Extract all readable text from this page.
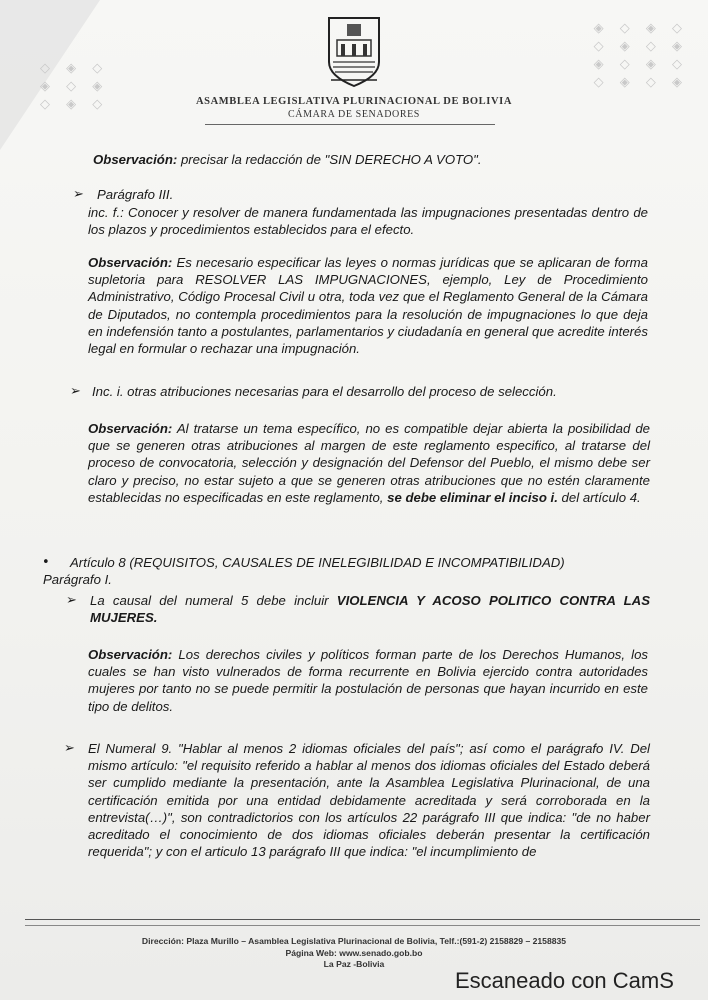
◇ ◈ ◇
◈ ◇ ◈
◇ ◈ ◇
◈ ◇ ◈ ◇
◇ ◈ ◇ ◈
◈ ◇ ◈ ◇
◇ ◈ ◇ ◈
ASAMBLEA LEGISLATIVA PLURINACIONAL DE BOLIVIA
CÁMARA DE SENADORES

Observación: precisar la redacción de "SIN DERECHO A VOTO".

➢ Parágrafo III.

inc. f.: Conocer y resolver de manera fundamentada las impugnaciones presentadas dentro de los plazos y procedimientos establecidos para el efecto.

Observación: Es necesario especificar las leyes o normas jurídicas que se aplicaran de forma supletoria para RESOLVER LAS IMPUGNACIONES, ejemplo, Ley de Procedimiento Administrativo, Código Procesal Civil u otra, toda vez que el Reglamento General de la Cámara de Diputados, no contempla procedimientos para la resolución de impugnaciones lo que deja en indefensión tanto a postulantes, parlamentarios y ciudadanía en general que acredite interés legal en formular o rechazar una impugnación.

➢ Inc. i. otras atribuciones necesarias para el desarrollo del proceso de selección.

Observación: Al tratarse un tema específico, no es compatible dejar abierta la posibilidad de que se generen otras atribuciones al margen de este reglamento especifico, al tratarse del proceso de convocatoria, selección y designación del Defensor del Pueblo, el mismo debe ser claro y preciso, no estar sujeto a que se generen otras atribuciones que no estén claramente establecidas no especificadas en este reglamento, se debe eliminar el inciso i. del artículo 4.

• Artículo 8 (REQUISITOS, CAUSALES DE INELEGIBILIDAD E INCOMPATIBILIDAD)

Parágrafo I.

➢ La causal del numeral 5 debe incluir VIOLENCIA Y ACOSO POLITICO CONTRA LAS MUJERES.

Observación: Los derechos civiles y políticos forman parte de los Derechos Humanos, los cuales se han visto vulnerados de forma recurrente en Bolivia ejercido contra autoridades mujeres por tanto no se puede permitir la postulación de personas que hayan incurrido en este tipo de delitos.

➢ El Numeral 9. "Hablar al menos 2 idiomas oficiales del país"; así como el parágrafo IV. Del mismo artículo: "el requisito referido a hablar al menos dos idiomas oficiales del Estado deberá ser cumplido mediante la presentación, ante la Asamblea Legislativa Plurinacional, de una certificación emitida por una entidad debidamente acreditada y será corroborada en la entrevista(…)", son contradictorios con los artículos 22 parágrafo III que indica: "de no haber acreditado el conocimiento de dos idiomas oficiales deberán presentar la certificación requerida"; y con el articulo 13 parágrafo III que indica: "el incumplimiento de

Dirección: Plaza Murillo – Asamblea Legislativa Plurinacional de Bolivia, Telf.:(591-2) 2158829 – 2158835
Página Web: www.senado.gob.bo
La Paz -Bolivia
Escaneado con CamS
